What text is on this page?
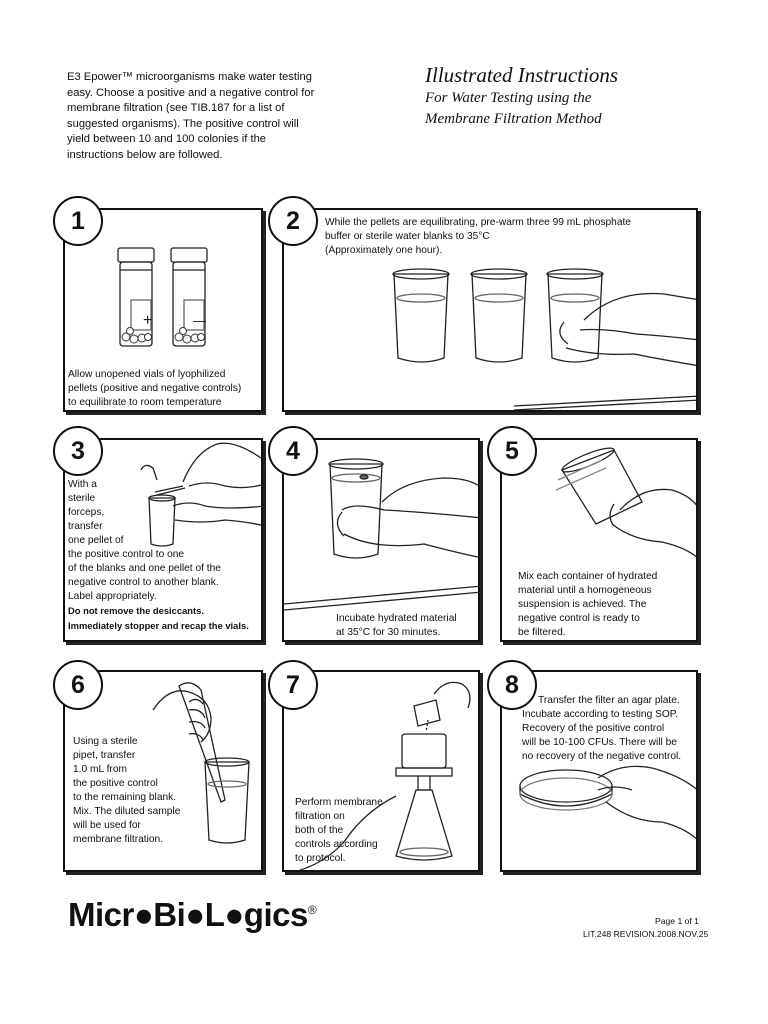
E3 Epower™ microorganisms make water testing
easy. Choose a positive and a negative control for
membrane filtration (see TIB.187 for a list of
suggested organisms). The positive control will
yield between 10 and 100 colonies if the
instructions below are followed.
Illustrated Instructions
For Water Testing using the
Membrane Filtration Method
1
+	—
Allow unopened vials of lyophilized
pellets (positive and negative controls)
to equilibrate to room temperature
2	While the pellets are equilibrating, pre-warm three 99 mL phosphate
buffer or sterile water blanks to 35°C
(Approximately one hour).
3
With a
sterile
forceps,
transfer
one pellet of
the positive control to one
of the blanks and one pellet of the
negative control to another blank.
Label appropriately.
Do not remove the desiccants.
Immediately stopper and recap the vials.
4
Incubate hydrated material
at 35°C for 30 minutes.
5
Mix each container of hydrated
material until a homogeneous
suspension is achieved. The
negative control is ready to
be filtered.
6
Using a sterile
pipet, transfer
1.0 mL from
the positive control
to the remaining blank.
Mix. The diluted sample
will be used for
membrane filtration.
7
Perform membrane
filtration on
both of the
controls according
to protocol.
8
Transfer the filter an agar plate.
Incubate according to testing SOP.
Recovery of the positive control
will be 10-100 CFUs. There will be
no recovery of the negative control.
Micr●Bi●L●gics®
Page 1 of 1
LIT.248 REVISION.2008.NOV.25
